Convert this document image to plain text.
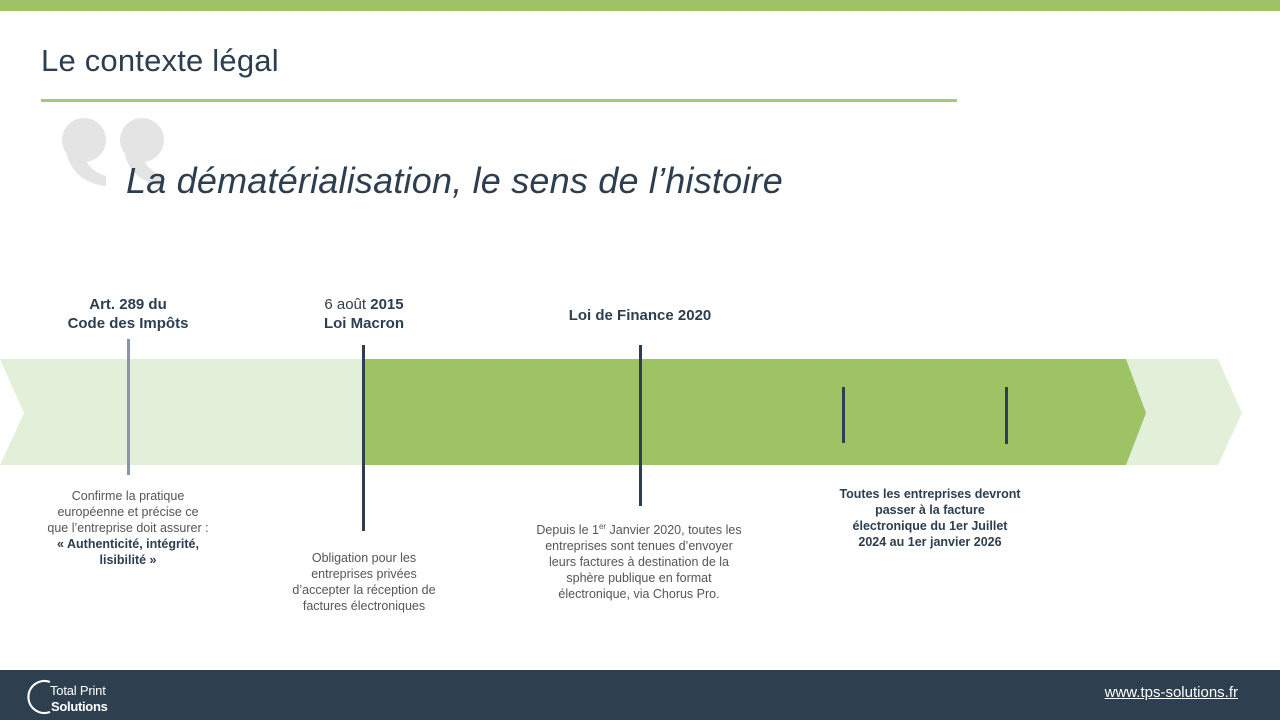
Le contexte légal
La dématérialisation, le sens de l’histoire
Art. 289 du
Code des Impôts
Confirme la pratique
européenne et précise ce
que l’entreprise doit assurer :
« Authenticité, intégrité,
lisibilité »
6 août 2015
Loi Macron
Obligation pour les
entreprises privées
d’accepter la réception de
factures électroniques
Loi de Finance 2020
Depuis le 1er Janvier 2020, toutes les
entreprises sont tenues d’envoyer
leurs factures à destination de la
sphère publique en format
électronique, via Chorus Pro.
Toutes les entreprises devront
passer à la facture
électronique du 1er Juillet
2024 au 1er janvier 2026
Total Print
Solutions
www.tps-solutions.fr
